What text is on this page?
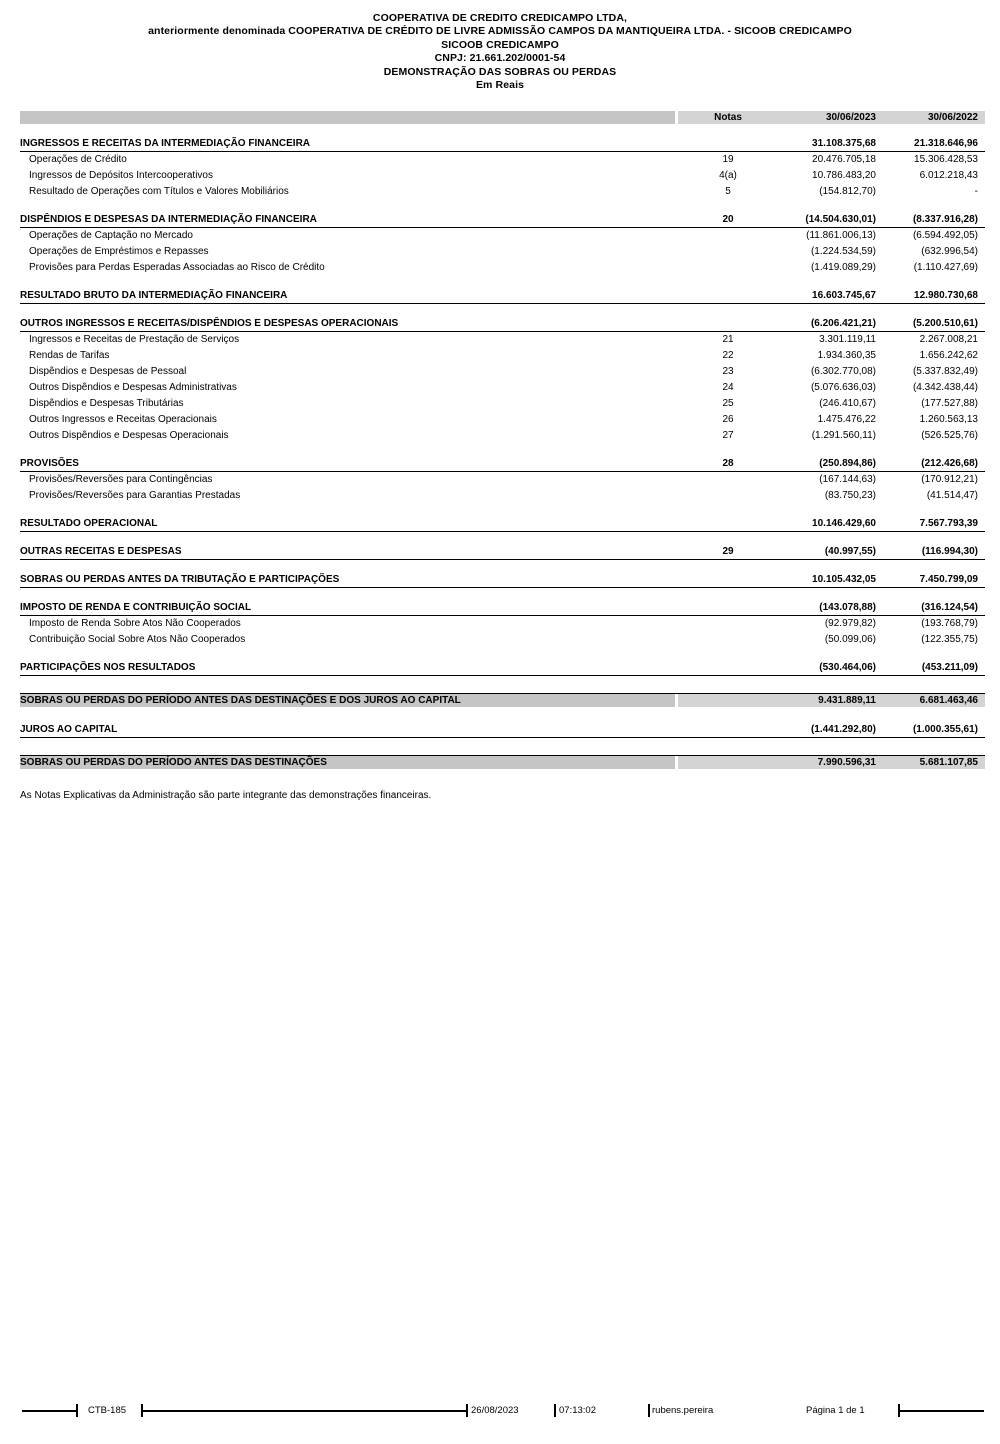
COOPERATIVA DE CREDITO CREDICAMPO LTDA,
anteriormente denominada COOPERATIVA DE CRÉDITO DE LIVRE ADMISSÃO CAMPOS DA MANTIQUEIRA LTDA. - SICOOB CREDICAMPO
SICOOB CREDICAMPO
CNPJ: 21.661.202/0001-54
DEMONSTRAÇÃO DAS SOBRAS OU PERDAS
Em Reais
Notas	30/06/2023	30/06/2022
INGRESSOS E RECEITAS DA INTERMEDIAÇÃO FINANCEIRA	31.108.375,68	21.318.646,96
Operações de Crédito	19	20.476.705,18	15.306.428,53
Ingressos de Depósitos Intercooperativos	4(a)	10.786.483,20	6.012.218,43
Resultado de Operações com Títulos e Valores Mobiliários	5	(154.812,70)	-
DISPÊNDIOS E DESPESAS DA INTERMEDIAÇÃO FINANCEIRA	20	(14.504.630,01)	(8.337.916,28)
Operações de Captação no Mercado	(11.861.006,13)	(6.594.492,05)
Operações de Empréstimos e Repasses	(1.224.534,59)	(632.996,54)
Provisões para Perdas Esperadas Associadas ao Risco de Crédito	(1.419.089,29)	(1.110.427,69)
RESULTADO BRUTO DA INTERMEDIAÇÃO FINANCEIRA	16.603.745,67	12.980.730,68
OUTROS INGRESSOS E RECEITAS/DISPÊNDIOS E DESPESAS OPERACIONAIS	(6.206.421,21)	(5.200.510,61)
Ingressos e Receitas de Prestação de Serviços	21	3.301.119,11	2.267.008,21
Rendas de Tarifas	22	1.934.360,35	1.656.242,62
Dispêndios e Despesas de Pessoal	23	(6.302.770,08)	(5.337.832,49)
Outros Dispêndios e Despesas Administrativas	24	(5.076.636,03)	(4.342.438,44)
Dispêndios e Despesas Tributárias	25	(246.410,67)	(177.527,88)
Outros Ingressos e Receitas Operacionais	26	1.475.476,22	1.260.563,13
Outros Dispêndios e Despesas Operacionais	27	(1.291.560,11)	(526.525,76)
PROVISÕES	28	(250.894,86)	(212.426,68)
Provisões/Reversões para Contingências	(167.144,63)	(170.912,21)
Provisões/Reversões para Garantias Prestadas	(83.750,23)	(41.514,47)
RESULTADO OPERACIONAL	10.146.429,60	7.567.793,39
OUTRAS RECEITAS E DESPESAS	29	(40.997,55)	(116.994,30)
SOBRAS OU PERDAS ANTES DA TRIBUTAÇÃO E PARTICIPAÇÕES	10.105.432,05	7.450.799,09
IMPOSTO DE RENDA E CONTRIBUIÇÃO SOCIAL	(143.078,88)	(316.124,54)
Imposto de Renda Sobre Atos Não Cooperados	(92.979,82)	(193.768,79)
Contribuição Social Sobre Atos Não Cooperados	(50.099,06)	(122.355,75)
PARTICIPAÇÕES NOS RESULTADOS	(530.464,06)	(453.211,09)
SOBRAS OU PERDAS DO PERÍODO ANTES DAS DESTINAÇÕES E DOS JUROS AO CAPITAL	9.431.889,11	6.681.463,46
JUROS AO CAPITAL	(1.441.292,80)	(1.000.355,61)
SOBRAS OU PERDAS DO PERÍODO ANTES DAS DESTINAÇÕES	7.990.596,31	5.681.107,85
As Notas Explicativas da Administração são parte integrante das demonstrações financeiras.
CTB-185	26/08/2023	07:13:02	rubens.pereira	Página 1 de 1
